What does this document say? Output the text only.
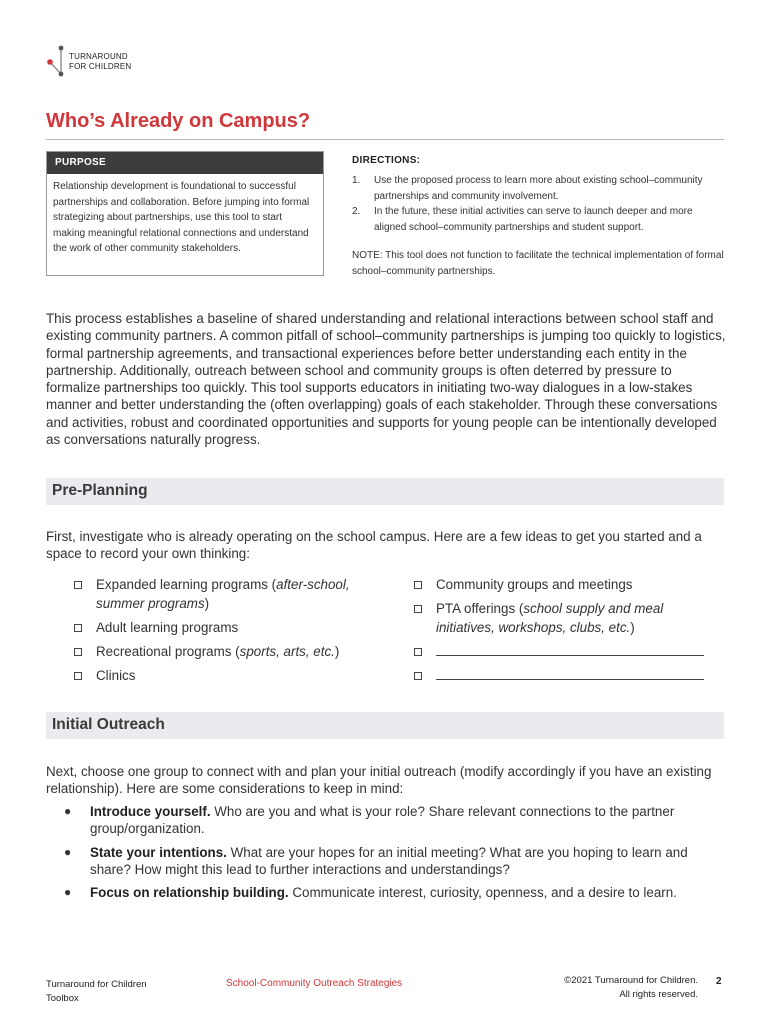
TURNAROUND
FOR CHILDREN
Who’s Already on Campus?
PURPOSE
Relationship development is foundational to successful partnerships and collaboration. Before jumping into formal strategizing about partnerships, use this tool to start making meaningful relational connections and understand the work of other community stakeholders.
DIRECTIONS:
1.	Use the proposed process to learn more about existing school–community partnerships and community involvement.
2.	In the future, these initial activities can serve to launch deeper and more aligned school–community partnerships and student support.
NOTE: This tool does not function to facilitate the technical implementation of formal school–community partnerships.

This process establishes a baseline of shared understanding and relational interactions between school staff and existing community partners. A common pitfall of school–community partnerships is jumping too quickly to logistics, formal partnership agreements, and transactional experiences before better understanding each entity in the partnership. Additionally, outreach between school and community groups is often deterred by pressure to formalize partnerships too quickly. This tool supports educators in initiating two-way dialogues in a low-stakes manner and better understanding the (often overlapping) goals of each stakeholder. Through these conversations and activities, robust and coordinated opportunities and supports for young people can be intentionally developed as conversations naturally progress.

Pre-Planning

First, investigate who is already operating on the school campus. Here are a few ideas to get you started and a space to record your own thinking:

Expanded learning programs (after-school, summer programs)
Adult learning programs
Recreational programs (sports, arts, etc.)
Clinics
Community groups and meetings
PTA offerings (school supply and meal initiatives, workshops, clubs, etc.)
Initial Outreach

Next, choose one group to connect with and plan your initial outreach (modify accordingly if you have an existing relationship). Here are some considerations to keep in mind:

●	Introduce yourself. Who are you and what is your role? Share relevant connections to the partner group/organization.
●	State your intentions. What are your hopes for an initial meeting? What are you hoping to learn and share? How might this lead to further interactions and understandings?
●	Focus on relationship building. Communicate interest, curiosity, openness, and a desire to learn.
Turnaround for Children
Toolbox
School-Community Outreach Strategies	©2021 Turnaround for Children.
All rights reserved.
2
